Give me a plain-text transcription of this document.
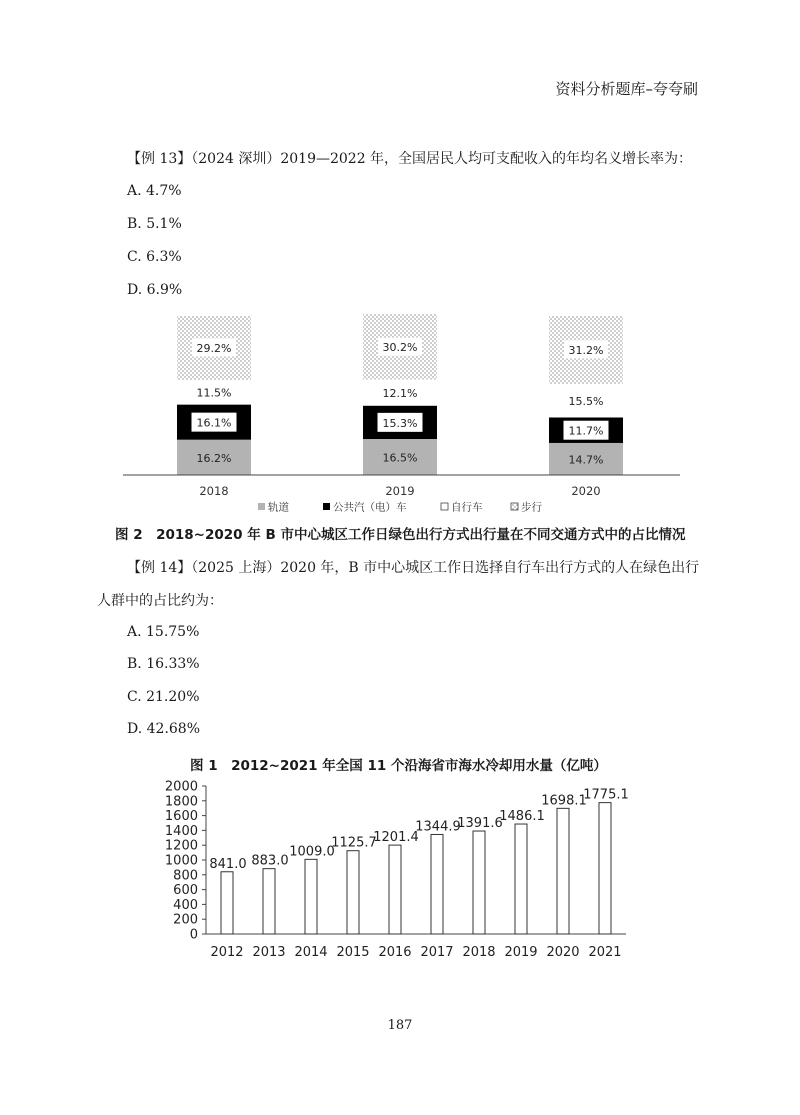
资料分析题库–夸夸刷
【例 13】（2024 深圳）2019—2022 年，全国居民人均可支配收入的年均名义增长率为：
A. 4.7%
B. 5.1%
C. 6.3%
D. 6.9%
16.2%
16.1%
11.5%
29.2%
16.5%
15.3%
12.1%
30.2%
14.7%
11.7%
15.5%
31.2%
2018	2019	2020
轨道	公共汽（电）车	自行车	步行
图 2　2018~2020 年 B 市中心城区工作日绿色出行方式出行量在不同交通方式中的占比情况
【例 14】（2025 上海）2020 年，B 市中心城区工作日选择自行车出行方式的人在绿色出行
人群中的占比约为：
A. 15.75%
B. 16.33%
C. 21.20%
D. 42.68%
图 1　2012~2021 年全国 11 个沿海省市海水冷却用水量（亿吨）
0
200
400
600
800
1000
1200
1400
1600
1800
2000
841.0 883.0
1009.0
1125.7
1201.4
1344.9
1391.6
1486.1
1698.1
1775.1
2012 2013 2014 2015 2016 2017 2018 2019 2020 2021
187
